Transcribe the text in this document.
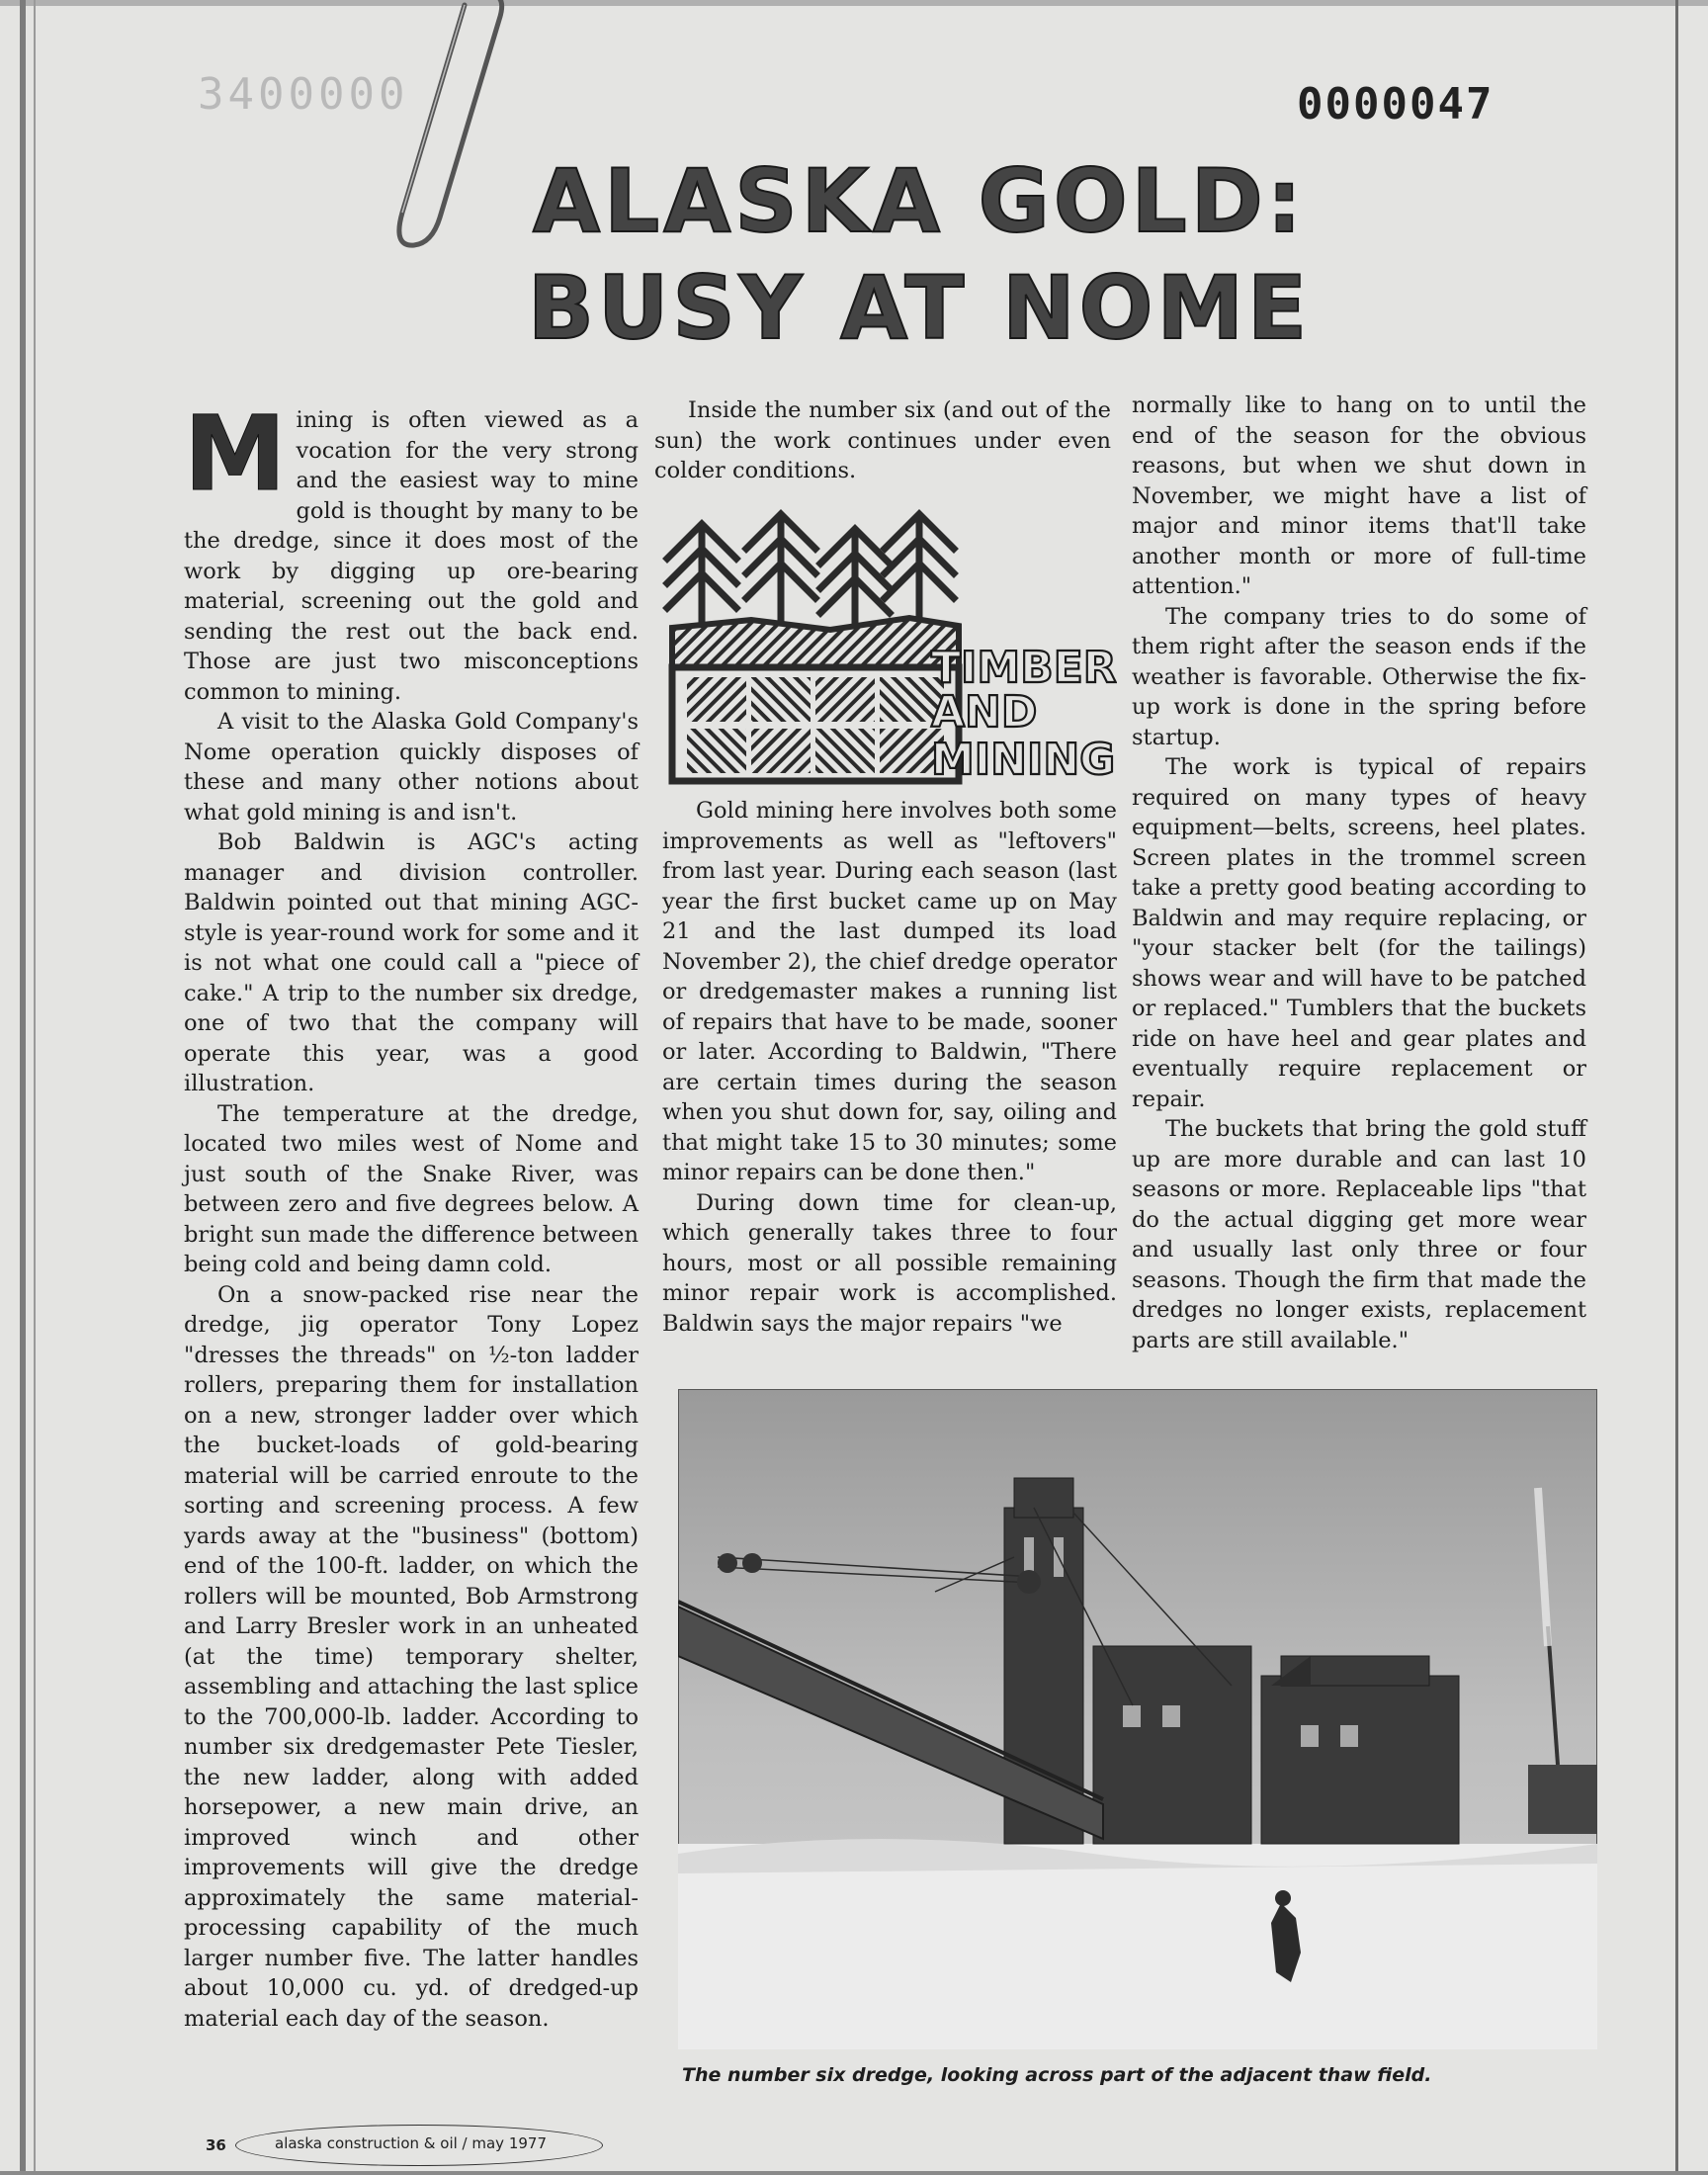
3400000	0000047
ALASKA GOLD:
BUSY AT NOME

Mining is often viewed as a vocation for the very strong and the easiest way to mine gold is thought by many to be the dredge, since it does most of the work by digging up ore-bearing material, screening out the gold and sending the rest out the back end. Those are just two misconceptions common to mining.

A visit to the Alaska Gold Company's Nome operation quickly disposes of these and many other notions about what gold mining is and isn't.

Bob Baldwin is AGC's acting manager and division controller. Baldwin pointed out that mining AGC-style is year-round work for some and it is not what one could call a "piece of cake." A trip to the number six dredge, one of two that the company will operate this year, was a good illustration.

The temperature at the dredge, located two miles west of Nome and just south of the Snake River, was between zero and five degrees below. A bright sun made the difference between being cold and being damn cold.

On a snow-packed rise near the dredge, jig operator Tony Lopez "dresses the threads" on ½-ton ladder rollers, preparing them for installation on a new, stronger ladder over which the bucket-loads of gold-bearing material will be carried enroute to the sorting and screening process. A few yards away at the "business" (bottom) end of the 100-ft. ladder, on which the rollers will be mounted, Bob Armstrong and Larry Bresler work in an unheated (at the time) temporary shelter, assembling and attaching the last splice to the 700,000-lb. ladder. According to number six dredgemaster Pete Tiesler, the new ladder, along with added horsepower, a new main drive, an improved winch and other improvements will give the dredge approximately the same material-processing capability of the much larger number five. The latter handles about 10,000 cu. yd. of dredged-up material each day of the season.

Inside the number six (and out of the sun) the work continues under even colder conditions.

TIMBER
AND
MINING

Gold mining here involves both some improvements as well as "leftovers" from last year. During each season (last year the first bucket came up on May 21 and the last dumped its load November 2), the chief dredge operator or dredgemaster makes a running list of repairs that have to be made, sooner or later. According to Baldwin, "There are certain times during the season when you shut down for, say, oiling and that might take 15 to 30 minutes; some minor repairs can be done then."

During down time for clean-up, which generally takes three to four hours, most or all possible remaining minor repair work is accomplished. Baldwin says the major repairs "we

normally like to hang on to until the end of the season for the obvious reasons, but when we shut down in November, we might have a list of major and minor items that'll take another month or more of full-time attention."

The company tries to do some of them right after the season ends if the weather is favorable. Otherwise the fix-up work is done in the spring before startup.

The work is typical of repairs required on many types of heavy equipment—belts, screens, heel plates. Screen plates in the trommel screen take a pretty good beating according to Baldwin and may require replacing, or "your stacker belt (for the tailings) shows wear and will have to be patched or replaced." Tumblers that the buckets ride on have heel and gear plates and eventually require replacement or repair.

The buckets that bring the gold stuff up are more durable and can last 10 seasons or more. Replaceable lips "that do the actual digging get more wear and usually last only three or four seasons. Though the firm that made the dredges no longer exists, replacement parts are still available."

The number six dredge, looking across part of the adjacent thaw field.
36	alaska construction & oil / may 1977
